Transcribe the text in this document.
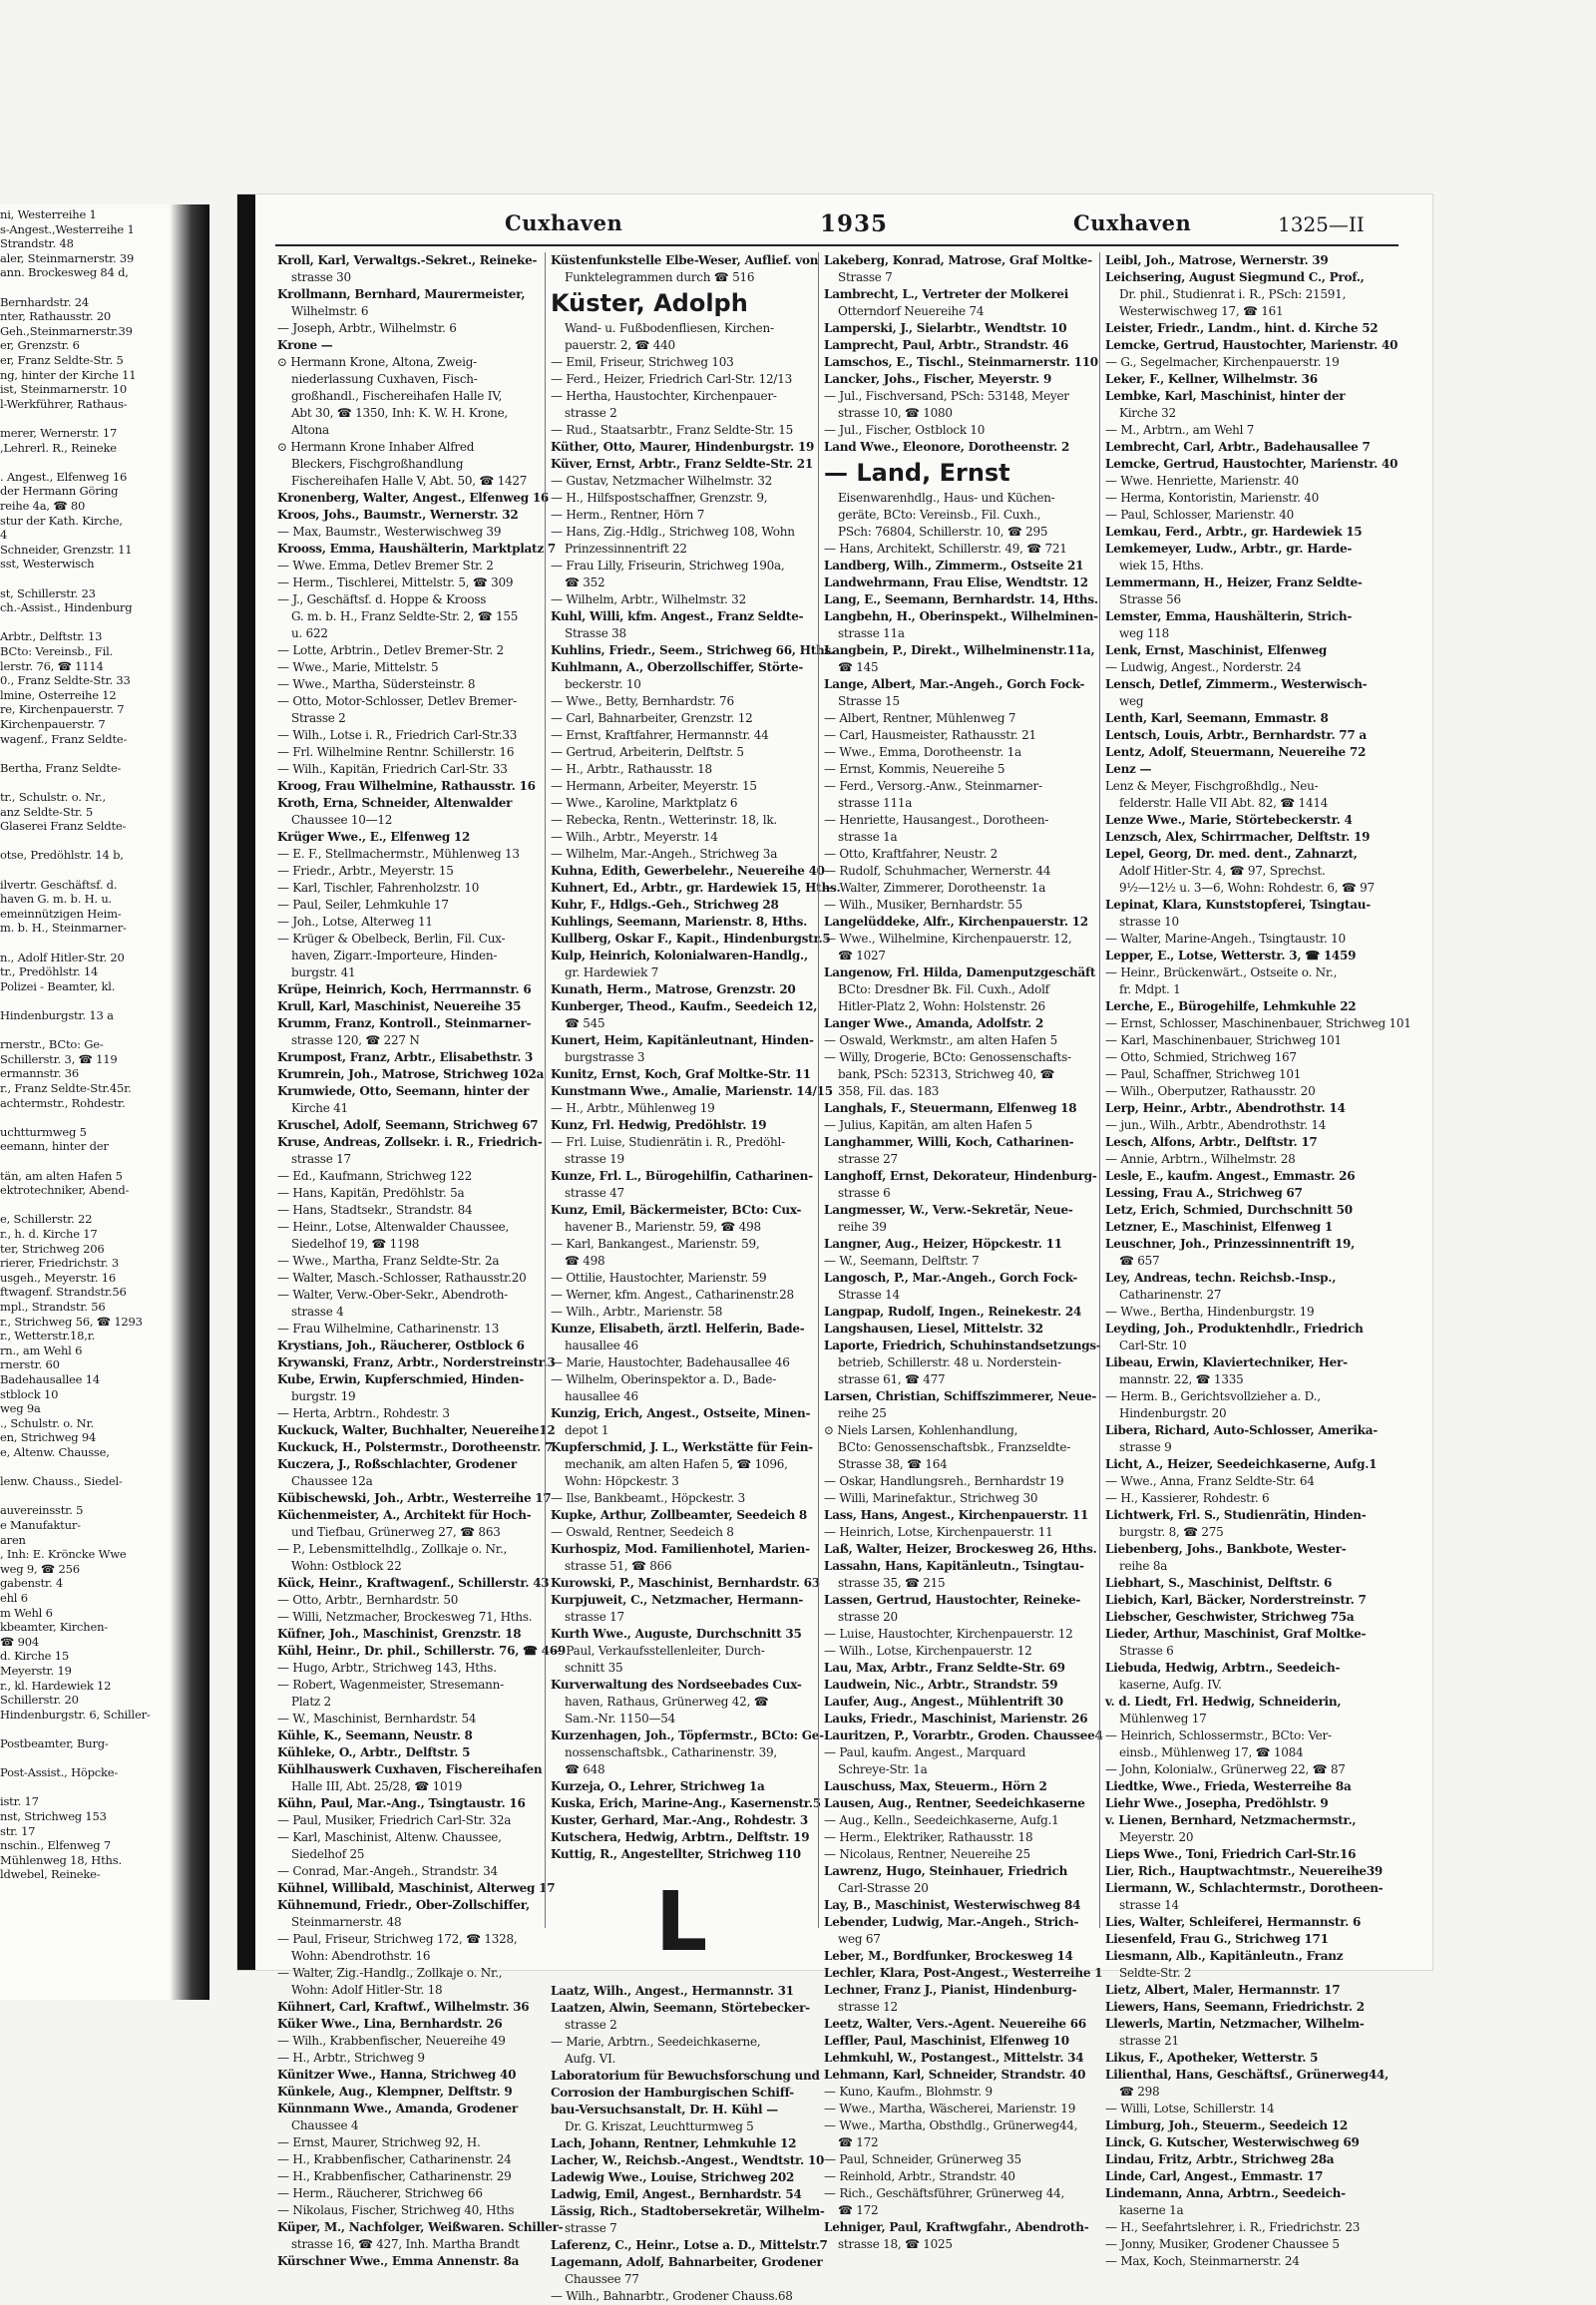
ni, Westerreihe 1
s-Angest.,Westerreihe 1
Strandstr. 48
aler, Steinmarnerstr. 39
ann. Brockesweg 84 d,
Bernhardstr. 24
nter, Rathausstr. 20
Geh.,Steinmarnerstr.39
er, Grenzstr. 6
er, Franz Seldte-Str. 5
ng, hinter der Kirche 11
ist, Steinmarnerstr. 10
l-Werkführer, Rathaus-
merer, Wernerstr. 17
,Lehrerl. R., Reineke
. Angest., Elfenweg 16
der Hermann Göring
reihe 4a, ☎ 80
stur der Kath. Kirche,
4
Schneider, Grenzstr. 11
sst, Westerwisch
st, Schillerstr. 23
ch.-Assist., Hindenburg
Arbtr., Delftstr. 13
BCto: Vereinsb., Fil.
lerstr. 76, ☎ 1114
0., Franz Seldte-Str. 33
lmine, Osterreihe 12
re, Kirchenpauerstr. 7
Kirchenpauerstr. 7
wagenf., Franz Seldte-
Bertha, Franz Seldte-
tr., Schulstr. o. Nr.,
anz Seldte-Str. 5
Glaserei Franz Seldte-
otse, Predöhlstr. 14 b,
ilvertr. Geschäftsf. d.
haven G. m. b. H. u.
emeinnützigen Heim-
m. b. H., Steinmarner-
n., Adolf Hitler-Str. 20
tr., Predöhlstr. 14
Polizei - Beamter, kl.
Hindenburgstr. 13 a
rnerstr., BCto: Ge-
Schillerstr. 3, ☎ 119
ermannstr. 36
r., Franz Seldte-Str.45r.
achtermstr., Rohdestr.
uchtturmweg 5
eemann, hinter der
tän, am alten Hafen 5
ektrotechniker, Abend-
e, Schillerstr. 22
r., h. d. Kirche 17
ter, Strichweg 206
rierer, Friedrichstr. 3
usgeh., Meyerstr. 16
ftwagenf. Strandstr.56
mpl., Strandstr. 56
r., Strichweg 56, ☎ 1293
r., Wetterstr.18,r.
rn., am Wehl 6
rnerstr. 60
Badehausallee 14
stblock 10
weg 9a
., Schulstr. o. Nr.
en, Strichweg 94
e, Altenw. Chausse,
lenw. Chauss., Siedel-
auvereinsstr. 5
e Manufaktur-
aren
, Inh: E. Kröncke Wwe
weg 9, ☎ 256
gabenstr. 4
ehl 6
m Wehl 6
kbeamter, Kirchen-
☎ 904
d. Kirche 15
Meyerstr. 19
r., kl. Hardewiek 12
Schillerstr. 20
Hindenburgstr. 6, Schiller-
Postbeamter, Burg-
Post-Assist., Höpcke-
istr. 17
nst, Strichweg 153
str. 17
nschin., Elfenweg 7
Mühlenweg 18, Hths.
ldwebel, Reineke-
Cuxhaven	1935	Cuxhaven	1325—II
Kroll, Karl, Verwaltgs.-Sekret., Reineke-
strasse 30
Krollmann, Bernhard, Maurermeister,
Wilhelmstr. 6
— Joseph, Arbtr., Wilhelmstr. 6
Krone —
⊙ Hermann Krone, Altona, Zweig-
niederlassung Cuxhaven, Fisch-
großhandl., Fischereihafen Halle IV,
Abt 30, ☎ 1350, Inh: K. W. H. Krone,
Altona
⊙ Hermann Krone Inhaber Alfred
Bleckers, Fischgroßhandlung
Fischereihafen Halle V, Abt. 50, ☎ 1427
Kronenberg, Walter, Angest., Elfenweg 16
Kroos, Johs., Baumstr., Wernerstr. 32
— Max, Baumstr., Westerwischweg 39
Krooss, Emma, Haushälterin, Marktplatz 7
— Wwe. Emma, Detlev Bremer Str. 2
— Herm., Tischlerei, Mittelstr. 5, ☎ 309
— J., Geschäftsf. d. Hoppe & Krooss
G. m. b. H., Franz Seldte-Str. 2, ☎ 155
u. 622
— Lotte, Arbtrin., Detlev Bremer-Str. 2
— Wwe., Marie, Mittelstr. 5
— Wwe., Martha, Südersteinstr. 8
— Otto, Motor-Schlosser, Detlev Bremer-
Strasse 2
— Wilh., Lotse i. R., Friedrich Carl-Str.33
— Frl. Wilhelmine Rentnr. Schillerstr. 16
— Wilh., Kapitän, Friedrich Carl-Str. 33
Kroog, Frau Wilhelmine, Rathausstr. 16
Kroth, Erna, Schneider, Altenwalder
Chaussee 10—12
Krüger Wwe., E., Elfenweg 12
— E. F., Stellmachermstr., Mühlenweg 13
— Friedr., Arbtr., Meyerstr. 15
— Karl, Tischler, Fahrenholzstr. 10
— Paul, Seiler, Lehmkuhle 17
— Joh., Lotse, Alterweg 11
— Krüger & Obelbeck, Berlin, Fil. Cux-
haven, Zigarr.-Importeure, Hinden-
burgstr. 41
Krüpe, Heinrich, Koch, Herrmannstr. 6
Krull, Karl, Maschinist, Neuereihe 35
Krumm, Franz, Kontroll., Steinmarner-
strasse 120, ☎ 227 N
Krumpost, Franz, Arbtr., Elisabethstr. 3
Krumrein, Joh., Matrose, Strichweg 102a
Krumwiede, Otto, Seemann, hinter der
Kirche 41
Kruschel, Adolf, Seemann, Strichweg 67
Kruse, Andreas, Zollsekr. i. R., Friedrich-
strasse 17
— Ed., Kaufmann, Strichweg 122
— Hans, Kapitän, Predöhlstr. 5a
— Hans, Stadtsekr., Strandstr. 84
— Heinr., Lotse, Altenwalder Chaussee,
Siedelhof 19, ☎ 1198
— Wwe., Martha, Franz Seldte-Str. 2a
— Walter, Masch.-Schlosser, Rathausstr.20
— Walter, Verw.-Ober-Sekr., Abendroth-
strasse 4
— Frau Wilhelmine, Catharinenstr. 13
Krystians, Joh., Räucherer, Ostblock 6
Krywanski, Franz, Arbtr., Norderstreinstr.3
Kube, Erwin, Kupferschmied, Hinden-
burgstr. 19
— Herta, Arbtrn., Rohdestr. 3
Kuckuck, Walter, Buchhalter, Neuereihe12
Kuckuck, H., Polstermstr., Dorotheenstr. 7
Kuczera, J., Roßschlachter, Grodener
Chaussee 12a
Kübischewski, Joh., Arbtr., Westerreihe 17
Küchenmeister, A., Architekt für Hoch-
und Tiefbau, Grünerweg 27, ☎ 863
— P., Lebensmittelhdlg., Zollkaje o. Nr.,
Wohn: Ostblock 22
Kück, Heinr., Kraftwagenf., Schillerstr. 43
— Otto, Arbtr., Bernhardstr. 50
— Willi, Netzmacher, Brockesweg 71, Hths.
Küfner, Joh., Maschinist, Grenzstr. 18
Kühl, Heinr., Dr. phil., Schillerstr. 76, ☎ 469
— Hugo, Arbtr., Strichweg 143, Hths.
— Robert, Wagenmeister, Stresemann-
Platz 2
— W., Maschinist, Bernhardstr. 54
Kühle, K., Seemann, Neustr. 8
Kühleke, O., Arbtr., Delftstr. 5
Kühlhauswerk Cuxhaven, Fischereihafen
Halle III, Abt. 25/28, ☎ 1019
Kühn, Paul, Mar.-Ang., Tsingtaustr. 16
— Paul, Musiker, Friedrich Carl-Str. 32a
— Karl, Maschinist, Altenw. Chaussee,
Siedelhof 25
— Conrad, Mar.-Angeh., Strandstr. 34
Kühnel, Willibald, Maschinist, Alterweg 17
Kühnemund, Friedr., Ober-Zollschiffer,
Steinmarnerstr. 48
— Paul, Friseur, Strichweg 172, ☎ 1328,
Wohn: Abendrothstr. 16
— Walter, Zig.-Handlg., Zollkaje o. Nr.,
Wohn: Adolf Hitler-Str. 18
Kühnert, Carl, Kraftwf., Wilhelmstr. 36
Küker Wwe., Lina, Bernhardstr. 26
— Wilh., Krabbenfischer, Neuereihe 49
— H., Arbtr., Strichweg 9
Künitzer Wwe., Hanna, Strichweg 40
Künkele, Aug., Klempner, Delftstr. 9
Künnmann Wwe., Amanda, Grodener
Chaussee 4
— Ernst, Maurer, Strichweg 92, H.
— H., Krabbenfischer, Catharinenstr. 24
— H., Krabbenfischer, Catharinenstr. 29
— Herm., Räucherer, Strichweg 66
— Nikolaus, Fischer, Strichweg 40, Hths
Küper, M., Nachfolger, Weißwaren. Schiller-
strasse 16, ☎ 427, Inh. Martha Brandt
Kürschner Wwe., Emma Annenstr. 8a
Küstenfunkstelle Elbe-Weser, Auflief. von
Funktelegrammen durch ☎ 516
Küster, Adolph
Wand- u. Fußbodenfliesen, Kirchen-
pauerstr. 2, ☎ 440
— Emil, Friseur, Strichweg 103
— Ferd., Heizer, Friedrich Carl-Str. 12/13
— Hertha, Haustochter, Kirchenpauer-
strasse 2
— Rud., Staatsarbtr., Franz Seldte-Str. 15
Küther, Otto, Maurer, Hindenburgstr. 19
Küver, Ernst, Arbtr., Franz Seldte-Str. 21
— Gustav, Netzmacher Wilhelmstr. 32
— H., Hilfspostschaffner, Grenzstr. 9,
— Herm., Rentner, Hörn 7
— Hans, Zig.-Hdlg., Strichweg 108, Wohn
Prinzessinnentrift 22
— Frau Lilly, Friseurin, Strichweg 190a,
☎ 352
— Wilhelm, Arbtr., Wilhelmstr. 32
Kuhl, Willi, kfm. Angest., Franz Seldte-
Strasse 38
Kuhlins, Friedr., Seem., Strichweg 66, Hths.
Kuhlmann, A., Oberzollschiffer, Störte-
beckerstr. 10
— Wwe., Betty, Bernhardstr. 76
— Carl, Bahnarbeiter, Grenzstr. 12
— Ernst, Kraftfahrer, Hermannstr. 44
— Gertrud, Arbeiterin, Delftstr. 5
— H., Arbtr., Rathausstr. 18
— Hermann, Arbeiter, Meyerstr. 15
— Wwe., Karoline, Marktplatz 6
— Rebecka, Rentn., Wetterinstr. 18, lk.
— Wilh., Arbtr., Meyerstr. 14
— Wilhelm, Mar.-Angeh., Strichweg 3a
Kuhna, Edith, Gewerbelehr., Neuereihe 40
Kuhnert, Ed., Arbtr., gr. Hardewiek 15, Hths.
Kuhr, F., Hdlgs.-Geh., Strichweg 28
Kuhlings, Seemann, Marienstr. 8, Hths.
Kullberg, Oskar F., Kapit., Hindenburgstr.5
Kulp, Heinrich, Kolonialwaren-Handlg.,
gr. Hardewiek 7
Kunath, Herm., Matrose, Grenzstr. 20
Kunberger, Theod., Kaufm., Seedeich 12,
☎ 545
Kunert, Heim, Kapitänleutnant, Hinden-
burgstrasse 3
Kunitz, Ernst, Koch, Graf Moltke-Str. 11
Kunstmann Wwe., Amalie, Marienstr. 14/15
— H., Arbtr., Mühlenweg 19
Kunz, Frl. Hedwig, Predöhlstr. 19
— Frl. Luise, Studienrätin i. R., Predöhl-
strasse 19
Kunze, Frl. L., Bürogehilfin, Catharinen-
strasse 47
Kunz, Emil, Bäckermeister, BCto: Cux-
havener B., Marienstr. 59, ☎ 498
— Karl, Bankangest., Marienstr. 59,
☎ 498
— Ottilie, Haustochter, Marienstr. 59
— Werner, kfm. Angest., Catharinenstr.28
— Wilh., Arbtr., Marienstr. 58
Kunze, Elisabeth, ärztl. Helferin, Bade-
hausallee 46
— Marie, Haustochter, Badehausallee 46
— Wilhelm, Oberinspektor a. D., Bade-
hausallee 46
Kunzig, Erich, Angest., Ostseite, Minen-
depot 1
Kupferschmid, J. L., Werkstätte für Fein-
mechanik, am alten Hafen 5, ☎ 1096,
Wohn: Höpckestr. 3
— Ilse, Bankbeamt., Höpckestr. 3
Kupke, Arthur, Zollbeamter, Seedeich 8
— Oswald, Rentner, Seedeich 8
Kurhospiz, Mod. Familienhotel, Marien-
strasse 51, ☎ 866
Kurowski, P., Maschinist, Bernhardstr. 63
Kurpjuweit, C., Netzmacher, Hermann-
strasse 17
Kurth Wwe., Auguste, Durchschnitt 35
— Paul, Verkaufsstellenleiter, Durch-
schnitt 35
Kurverwaltung des Nordseebades Cux-
haven, Rathaus, Grünerweg 42, ☎
Sam.-Nr. 1150—54
Kurzenhagen, Joh., Töpfermstr., BCto: Ge-
nossenschaftsbk., Catharinenstr. 39,
☎ 648
Kurzeja, O., Lehrer, Strichweg 1a
Kuska, Erich, Marine-Ang., Kasernenstr.5
Kuster, Gerhard, Mar.-Ang., Rohdestr. 3
Kutschera, Hedwig, Arbtrn., Delftstr. 19
Kuttig, R., Angestellter, Strichweg 110
L
Laatz, Wilh., Angest., Hermannstr. 31
Laatzen, Alwin, Seemann, Störtebecker-
strasse 2
— Marie, Arbtrn., Seedeichkaserne,
Aufg. VI.
Laboratorium für Bewuchsforschung und
Corrosion der Hamburgischen Schiff-
bau-Versuchsanstalt, Dr. H. Kühl —
Dr. G. Kriszat, Leuchtturmweg 5
Lach, Johann, Rentner, Lehmkuhle 12
Lacher, W., Reichsb.-Angest., Wendtstr. 10
Ladewig Wwe., Louise, Strichweg 202
Ladwig, Emil, Angest., Bernhardstr. 54
Lässig, Rich., Stadtobersekretär, Wilhelm-
strasse 7
Laferenz, C., Heinr., Lotse a. D., Mittelstr.7
Lagemann, Adolf, Bahnarbeiter, Grodener
Chaussee 77
— Wilh., Bahnarbtr., Grodener Chauss.68
Lakeberg, Konrad, Matrose, Graf Moltke-
Strasse 7
Lambrecht, L., Vertreter der Molkerei
Otterndorf Neuereihe 74
Lamperski, J., Sielarbtr., Wendtstr. 10
Lamprecht, Paul, Arbtr., Strandstr. 46
Lamschos, E., Tischl., Steinmarnerstr. 110
Lancker, Johs., Fischer, Meyerstr. 9
— Jul., Fischversand, PSch: 53148, Meyer
strasse 10, ☎ 1080
— Jul., Fischer, Ostblock 10
Land Wwe., Eleonore, Dorotheenstr. 2
— Land, Ernst
Eisenwarenhdlg., Haus- und Küchen-
geräte, BCto: Vereinsb., Fil. Cuxh.,
PSch: 76804, Schillerstr. 10, ☎ 295
— Hans, Architekt, Schillerstr. 49, ☎ 721
Landberg, Wilh., Zimmerm., Ostseite 21
Landwehrmann, Frau Elise, Wendtstr. 12
Lang, E., Seemann, Bernhardstr. 14, Hths.
Langbehn, H., Oberinspekt., Wilhelminen-
strasse 11a
Langbein, P., Direkt., Wilhelminenstr.11a,
☎ 145
Lange, Albert, Mar.-Angeh., Gorch Fock-
Strasse 15
— Albert, Rentner, Mühlenweg 7
— Carl, Hausmeister, Rathausstr. 21
— Wwe., Emma, Dorotheenstr. 1a
— Ernst, Kommis, Neuereihe 5
— Ferd., Versorg.-Anw., Steinmarner-
strasse 111a
— Henriette, Hausangest., Dorotheen-
strasse 1a
— Otto, Kraftfahrer, Neustr. 2
— Rudolf, Schuhmacher, Wernerstr. 44
— Walter, Zimmerer, Dorotheenstr. 1a
— Wilh., Musiker, Bernhardstr. 55
Langelüddeke, Alfr., Kirchenpauerstr. 12
— Wwe., Wilhelmine, Kirchenpauerstr. 12,
☎ 1027
Langenow, Frl. Hilda, Damenputzgeschäft
BCto: Dresdner Bk. Fil. Cuxh., Adolf
Hitler-Platz 2, Wohn: Holstenstr. 26
Langer Wwe., Amanda, Adolfstr. 2
— Oswald, Werkmstr., am alten Hafen 5
— Willy, Drogerie, BCto: Genossenschafts-
bank, PSch: 52313, Strichweg 40, ☎
358, Fil. das. 183
Langhals, F., Steuermann, Elfenweg 18
— Julius, Kapitän, am alten Hafen 5
Langhammer, Willi, Koch, Catharinen-
strasse 27
Langhoff, Ernst, Dekorateur, Hindenburg-
strasse 6
Langmesser, W., Verw.-Sekretär, Neue-
reihe 39
Langner, Aug., Heizer, Höpckestr. 11
— W., Seemann, Delftstr. 7
Langosch, P., Mar.-Angeh., Gorch Fock-
Strasse 14
Langpap, Rudolf, Ingen., Reinekestr. 24
Langshausen, Liesel, Mittelstr. 32
Laporte, Friedrich, Schuhinstandsetzungs-
betrieb, Schillerstr. 48 u. Norderstein-
strasse 61, ☎ 477
Larsen, Christian, Schiffszimmerer, Neue-
reihe 25
⊙ Niels Larsen, Kohlenhandlung,
BCto: Genossenschaftsbk., Franzseldte-
Strasse 38, ☎ 164
— Oskar, Handlungsreh., Bernhardstr 19
— Willi, Marinefaktur., Strichweg 30
Lass, Hans, Angest., Kirchenpauerstr. 11
— Heinrich, Lotse, Kirchenpauerstr. 11
Laß, Walter, Heizer, Brockesweg 26, Hths.
Lassahn, Hans, Kapitänleutn., Tsingtau-
strasse 35, ☎ 215
Lassen, Gertrud, Haustochter, Reineke-
strasse 20
— Luise, Haustochter, Kirchenpauerstr. 12
— Wilh., Lotse, Kirchenpauerstr. 12
Lau, Max, Arbtr., Franz Seldte-Str. 69
Laudwein, Nic., Arbtr., Strandstr. 59
Laufer, Aug., Angest., Mühlentrift 30
Lauks, Friedr., Maschinist, Marienstr. 26
Lauritzen, P., Vorarbtr., Groden. Chaussee4
— Paul, kaufm. Angest., Marquard
Schreye-Str. 1a
Lauschuss, Max, Steuerm., Hörn 2
Lausen, Aug., Rentner, Seedeichkaserne
— Aug., Kelln., Seedeichkaserne, Aufg.1
— Herm., Elektriker, Rathausstr. 18
— Nicolaus, Rentner, Neuereihe 25
Lawrenz, Hugo, Steinhauer, Friedrich
Carl-Strasse 20
Lay, B., Maschinist, Westerwischweg 84
Lebender, Ludwig, Mar.-Angeh., Strich-
weg 67
Leber, M., Bordfunker, Brockesweg 14
Lechler, Klara, Post-Angest., Westerreihe 1
Lechner, Franz J., Pianist, Hindenburg-
strasse 12
Leetz, Walter, Vers.-Agent. Neuereihe 66
Leffler, Paul, Maschinist, Elfenweg 10
Lehmkuhl, W., Postangest., Mittelstr. 34
Lehmann, Karl, Schneider, Strandstr. 40
— Kuno, Kaufm., Blohmstr. 9
— Wwe., Martha, Wäscherei, Marienstr. 19
— Wwe., Martha, Obsthdlg., Grünerweg44,
☎ 172
— Paul, Schneider, Grünerweg 35
— Reinhold, Arbtr., Strandstr. 40
— Rich., Geschäftsführer, Grünerweg 44,
☎ 172
Lehniger, Paul, Kraftwgfahr., Abendroth-
strasse 18, ☎ 1025
Leibl, Joh., Matrose, Wernerstr. 39
Leichsering, August Siegmund C., Prof.,
Dr. phil., Studienrat i. R., PSch: 21591,
Westerwischweg 17, ☎ 161
Leister, Friedr., Landm., hint. d. Kirche 52
Lemcke, Gertrud, Haustochter, Marienstr. 40
— G., Segelmacher, Kirchenpauerstr. 19
Leker, F., Kellner, Wilhelmstr. 36
Lembke, Karl, Maschinist, hinter der
Kirche 32
— M., Arbtrn., am Wehl 7
Lembrecht, Carl, Arbtr., Badehausallee 7
Lemcke, Gertrud, Haustochter, Marienstr. 40
— Wwe. Henriette, Marienstr. 40
— Herma, Kontoristin, Marienstr. 40
— Paul, Schlosser, Marienstr. 40
Lemkau, Ferd., Arbtr., gr. Hardewiek 15
Lemkemeyer, Ludw., Arbtr., gr. Harde-
wiek 15, Hths.
Lemmermann, H., Heizer, Franz Seldte-
Strasse 56
Lemster, Emma, Haushälterin, Strich-
weg 118
Lenk, Ernst, Maschinist, Elfenweg
— Ludwig, Angest., Norderstr. 24
Lensch, Detlef, Zimmerm., Westerwisch-
weg
Lenth, Karl, Seemann, Emmastr. 8
Lentsch, Louis, Arbtr., Bernhardstr. 77 a
Lentz, Adolf, Steuermann, Neuereihe 72
Lenz —
Lenz & Meyer, Fischgroßhdlg., Neu-
felderstr. Halle VII Abt. 82, ☎ 1414
Lenze Wwe., Marie, Störtebeckerstr. 4
Lenzsch, Alex, Schirrmacher, Delftstr. 19
Lepel, Georg, Dr. med. dent., Zahnarzt,
Adolf Hitler-Str. 4, ☎ 97, Sprechst.
9½—12½ u. 3—6, Wohn: Rohdestr. 6, ☎ 97
Lepinat, Klara, Kunststopferei, Tsingtau-
strasse 10
— Walter, Marine-Angeh., Tsingtaustr. 10
Lepper, E., Lotse, Wetterstr. 3, ☎ 1459
— Heinr., Brückenwärt., Ostseite o. Nr.,
fr. Mdpt. 1
Lerche, E., Bürogehilfe, Lehmkuhle 22
— Ernst, Schlosser, Maschinenbauer, Strichweg 101
— Karl, Maschinenbauer, Strichweg 101
— Otto, Schmied, Strichweg 167
— Paul, Schaffner, Strichweg 101
— Wilh., Oberputzer, Rathausstr. 20
Lerp, Heinr., Arbtr., Abendrothstr. 14
— jun., Wilh., Arbtr., Abendrothstr. 14
Lesch, Alfons, Arbtr., Delftstr. 17
— Annie, Arbtrn., Wilhelmstr. 28
Lesle, E., kaufm. Angest., Emmastr. 26
Lessing, Frau A., Strichweg 67
Letz, Erich, Schmied, Durchschnitt 50
Letzner, E., Maschinist, Elfenweg 1
Leuschner, Joh., Prinzessinnentrift 19,
☎ 657
Ley, Andreas, techn. Reichsb.-Insp.,
Catharinenstr. 27
— Wwe., Bertha, Hindenburgstr. 19
Leyding, Joh., Produktenhdlr., Friedrich
Carl-Str. 10
Libeau, Erwin, Klaviertechniker, Her-
mannstr. 22, ☎ 1335
— Herm. B., Gerichtsvollzieher a. D.,
Hindenburgstr. 20
Libera, Richard, Auto-Schlosser, Amerika-
strasse 9
Licht, A., Heizer, Seedeichkaserne, Aufg.1
— Wwe., Anna, Franz Seldte-Str. 64
— H., Kassierer, Rohdestr. 6
Lichtwerk, Frl. S., Studienrätin, Hinden-
burgstr. 8, ☎ 275
Liebenberg, Johs., Bankbote, Wester-
reihe 8a
Liebhart, S., Maschinist, Delftstr. 6
Liebich, Karl, Bäcker, Norderstreinstr. 7
Liebscher, Geschwister, Strichweg 75a
Lieder, Arthur, Maschinist, Graf Moltke-
Strasse 6
Liebuda, Hedwig, Arbtrn., Seedeich-
kaserne, Aufg. IV.
v. d. Liedt, Frl. Hedwig, Schneiderin,
Mühlenweg 17
— Heinrich, Schlossermstr., BCto: Ver-
einsb., Mühlenweg 17, ☎ 1084
— John, Kolonialw., Grünerweg 22, ☎ 87
Liedtke, Wwe., Frieda, Westerreihe 8a
Liehr Wwe., Josepha, Predöhlstr. 9
v. Lienen, Bernhard, Netzmachermstr.,
Meyerstr. 20
Lieps Wwe., Toni, Friedrich Carl-Str.16
Lier, Rich., Hauptwachtmstr., Neuereihe39
Liermann, W., Schlachtermstr., Dorotheen-
strasse 14
Lies, Walter, Schleiferei, Hermannstr. 6
Liesenfeld, Frau G., Strichweg 171
Liesmann, Alb., Kapitänleutn., Franz
Seldte-Str. 2
Lietz, Albert, Maler, Hermannstr. 17
Liewers, Hans, Seemann, Friedrichstr. 2
Llewerls, Martin, Netzmacher, Wilhelm-
strasse 21
Likus, F., Apotheker, Wetterstr. 5
Lilienthal, Hans, Geschäftsf., Grünerweg44,
☎ 298
— Willi, Lotse, Schillerstr. 14
Limburg, Joh., Steuerm., Seedeich 12
Linck, G. Kutscher, Westerwischweg 69
Lindau, Fritz, Arbtr., Strichweg 28a
Linde, Carl, Angest., Emmastr. 17
Lindemann, Anna, Arbtrn., Seedeich-
kaserne 1a
— H., Seefahrtslehrer, i. R., Friedrichstr. 23
— Jonny, Musiker, Grodener Chaussee 5
— Max, Koch, Steinmarnerstr. 24
